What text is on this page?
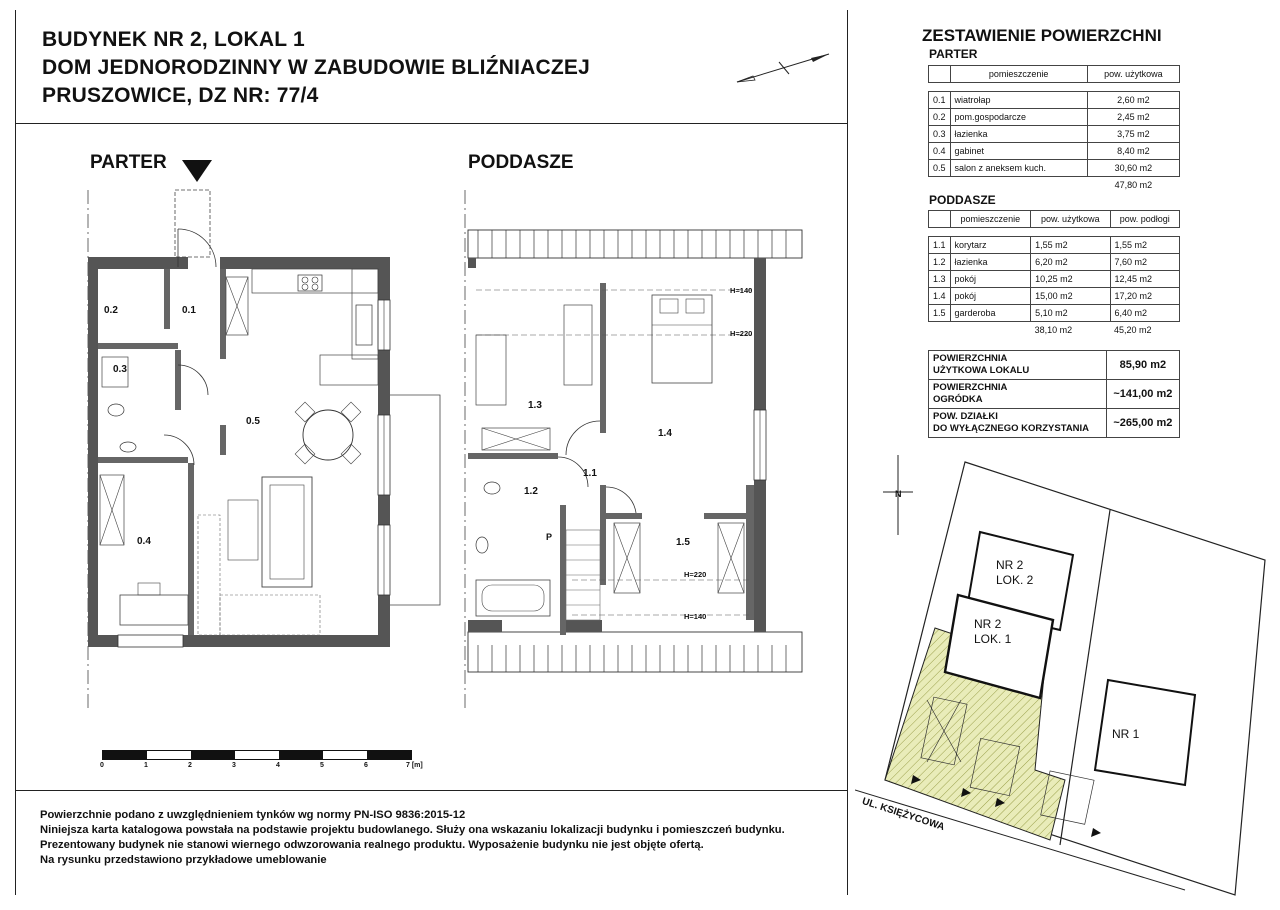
BUDYNEK NR 2, LOKAL 1
DOM JEDNORODZINNY W ZABUDOWIE BLIŹNIACZEJ
PRUSZOWICE, DZ NR: 77/4
PARTER
0.2	0.1
0.3
0.5
0.4
PODDASZE
1.3
1.4
1.1
1.2
P	1.5
H=140
H=220
H=220
H=140
0	1	2	3	4	5	6	7 [m]
Powierzchnie podano z uwzględnieniem tynków wg normy PN-ISO 9836:2015-12
Niniejsza karta katalogowa powstała na podstawie projektu budowlanego. Służy ona wskazaniu lokalizacji budynku i pomieszczeń budynku.
Prezentowany budynek nie stanowi wiernego odwzorowania realnego produktu. Wyposażenie budynku nie jest objęte ofertą.
Na rysunku przedstawiono przykładowe umeblowanie
ZESTAWIENIE POWIERZCHNI
PARTER
	pomieszczenie	pow. użytkowa

0.1	wiatrołap	2,60 m2
0.2	pom.gospodarcze	2,45 m2
0.3	łazienka	3,75 m2
0.4	gabinet	8,40 m2
0.5	salon z aneksem kuch.	30,60 m2
		47,80 m2
PODDASZE
	pomieszczenie	pow. użytkowa	pow. podłogi

1.1	korytarz	1,55 m2	1,55 m2
1.2	łazienka	6,20 m2	7,60 m2
1.3	pokój	10,25 m2	12,45 m2
1.4	pokój	15,00 m2	17,20 m2
1.5	garderoba	5,10 m2	6,40 m2
		38,10 m2	45,20 m2
POWIERZCHNIA
UŻYTKOWA LOKALU	85,90 m2

POWIERZCHNIA
OGRÓDKA	~141,00 m2

POW. DZIAŁKI
DO WYŁĄCZNEGO KORZYSTANIA	~265,00 m2
N
NR 2
LOK. 2
NR 2
LOK. 1
NR 1
UL. KSIĘŻYCOWA
